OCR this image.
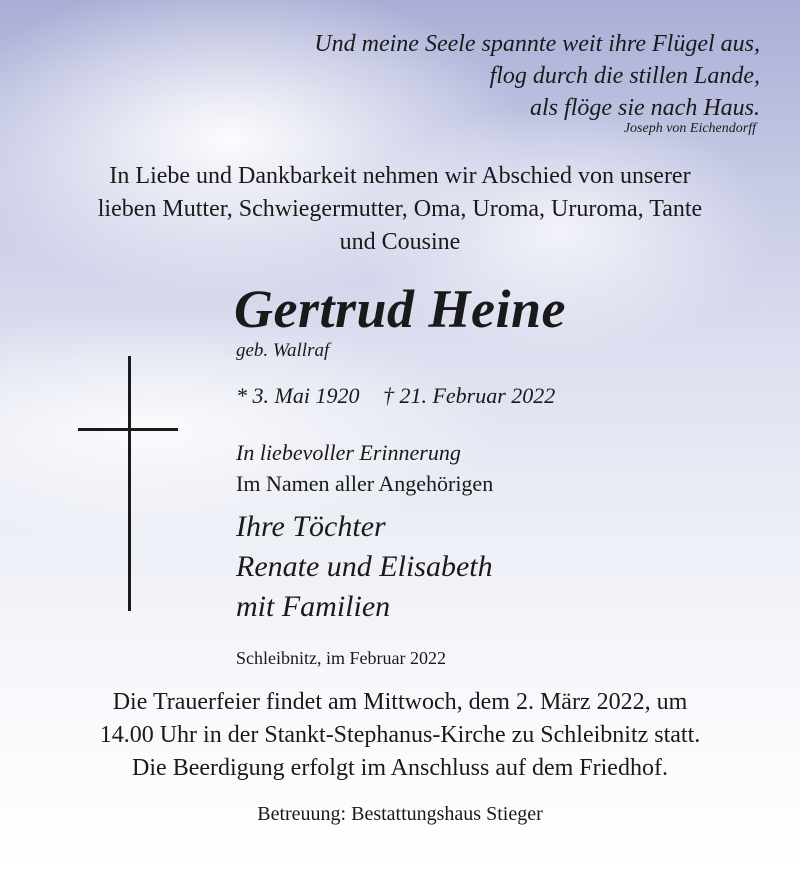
Und meine Seele spannte weit ihre Flügel aus,
flog durch die stillen Lande,
als flöge sie nach Haus.
Joseph von Eichendorff
In Liebe und Dankbarkeit nehmen wir Abschied von unserer
lieben Mutter, Schwiegermutter, Oma, Uroma, Ururoma, Tante
und Cousine
Gertrud Heine
geb. Wallraf
* 3. Mai 1920 † 21. Februar 2022
In liebevoller Erinnerung
Im Namen aller Angehörigen
Ihre Töchter
Renate und Elisabeth
mit Familien
Schleibnitz, im Februar 2022
Die Trauerfeier findet am Mittwoch, dem 2. März 2022, um
14.00 Uhr in der Stankt-Stephanus-Kirche zu Schleibnitz statt.
Die Beerdigung erfolgt im Anschluss auf dem Friedhof.
Betreuung: Bestattungshaus Stieger
